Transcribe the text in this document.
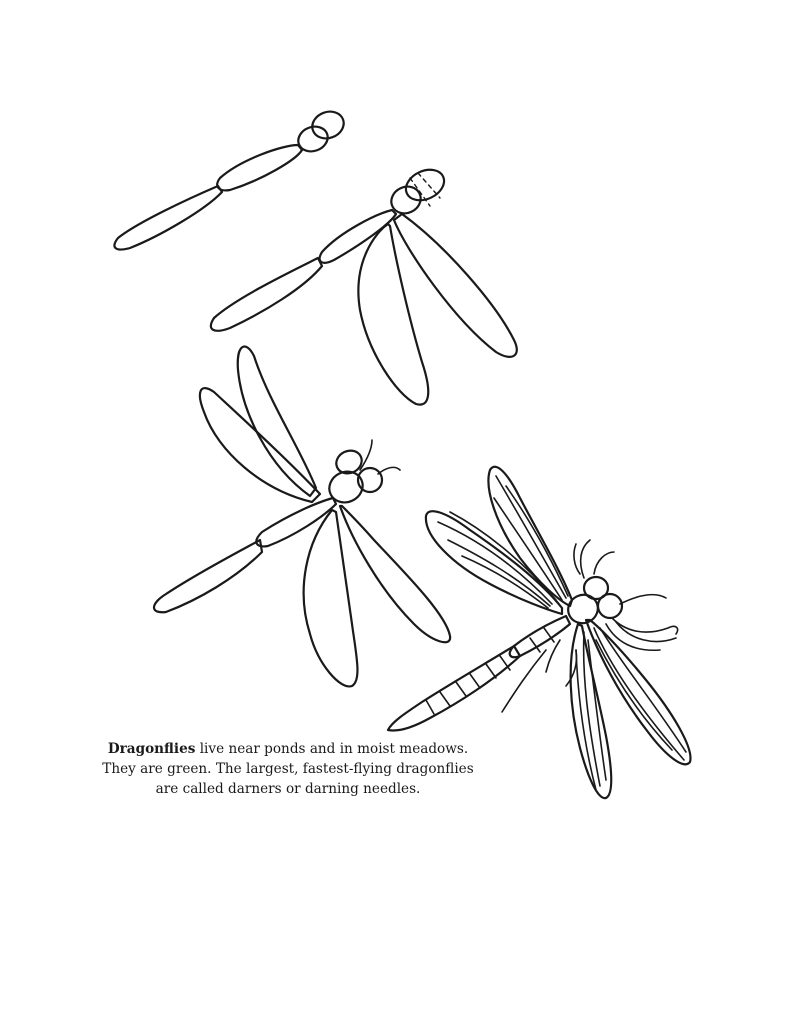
Dragonflies live near ponds and in moist meadows.
They are green. The largest, fastest-flying dragonflies
are called darners or darning needles.
